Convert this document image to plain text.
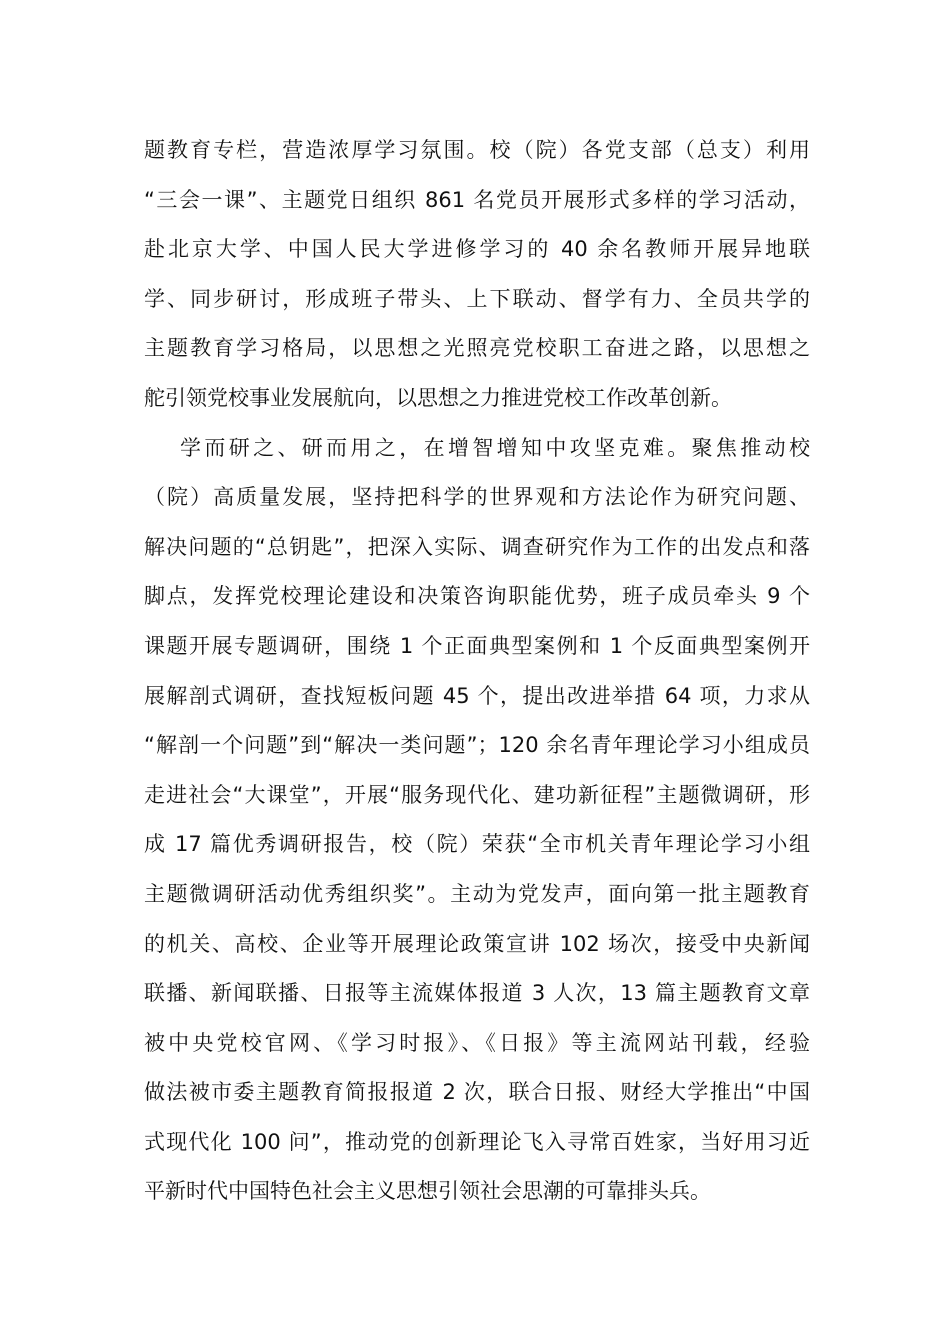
题教育专栏，营造浓厚学习氛围。校（院）各党支部（总支）利用
“三会一课”、主题党日组织 861 名党员开展形式多样的学习活动，
赴北京大学、中国人民大学进修学习的 40 余名教师开展异地联
学、同步研讨，形成班子带头、上下联动、督学有力、全员共学的
主题教育学习格局，以思想之光照亮党校职工奋进之路，以思想之
舵引领党校事业发展航向，以思想之力推进党校工作改革创新。
学而研之、研而用之，在增智增知中攻坚克难。聚焦推动校
（院）高质量发展，坚持把科学的世界观和方法论作为研究问题、
解决问题的“总钥匙”，把深入实际、调查研究作为工作的出发点和落
脚点，发挥党校理论建设和决策咨询职能优势，班子成员牵头 9 个
课题开展专题调研，围绕 1 个正面典型案例和 1 个反面典型案例开
展解剖式调研，查找短板问题 45 个，提出改进举措 64 项，力求从
“解剖一个问题”到“解决一类问题”；120 余名青年理论学习小组成员
走进社会“大课堂”，开展“服务现代化、建功新征程”主题微调研，形
成 17 篇优秀调研报告，校（院）荣获“全市机关青年理论学习小组
主题微调研活动优秀组织奖”。主动为党发声，面向第一批主题教育
的机关、高校、企业等开展理论政策宣讲 102 场次，接受中央新闻
联播、新闻联播、日报等主流媒体报道 3 人次，13 篇主题教育文章
被中央党校官网、《学习时报》、《日报》等主流网站刊载，经验
做法被市委主题教育简报报道 2 次，联合日报、财经大学推出“中国
式现代化 100 问”，推动党的创新理论飞入寻常百姓家，当好用习近
平新时代中国特色社会主义思想引领社会思潮的可靠排头兵。
